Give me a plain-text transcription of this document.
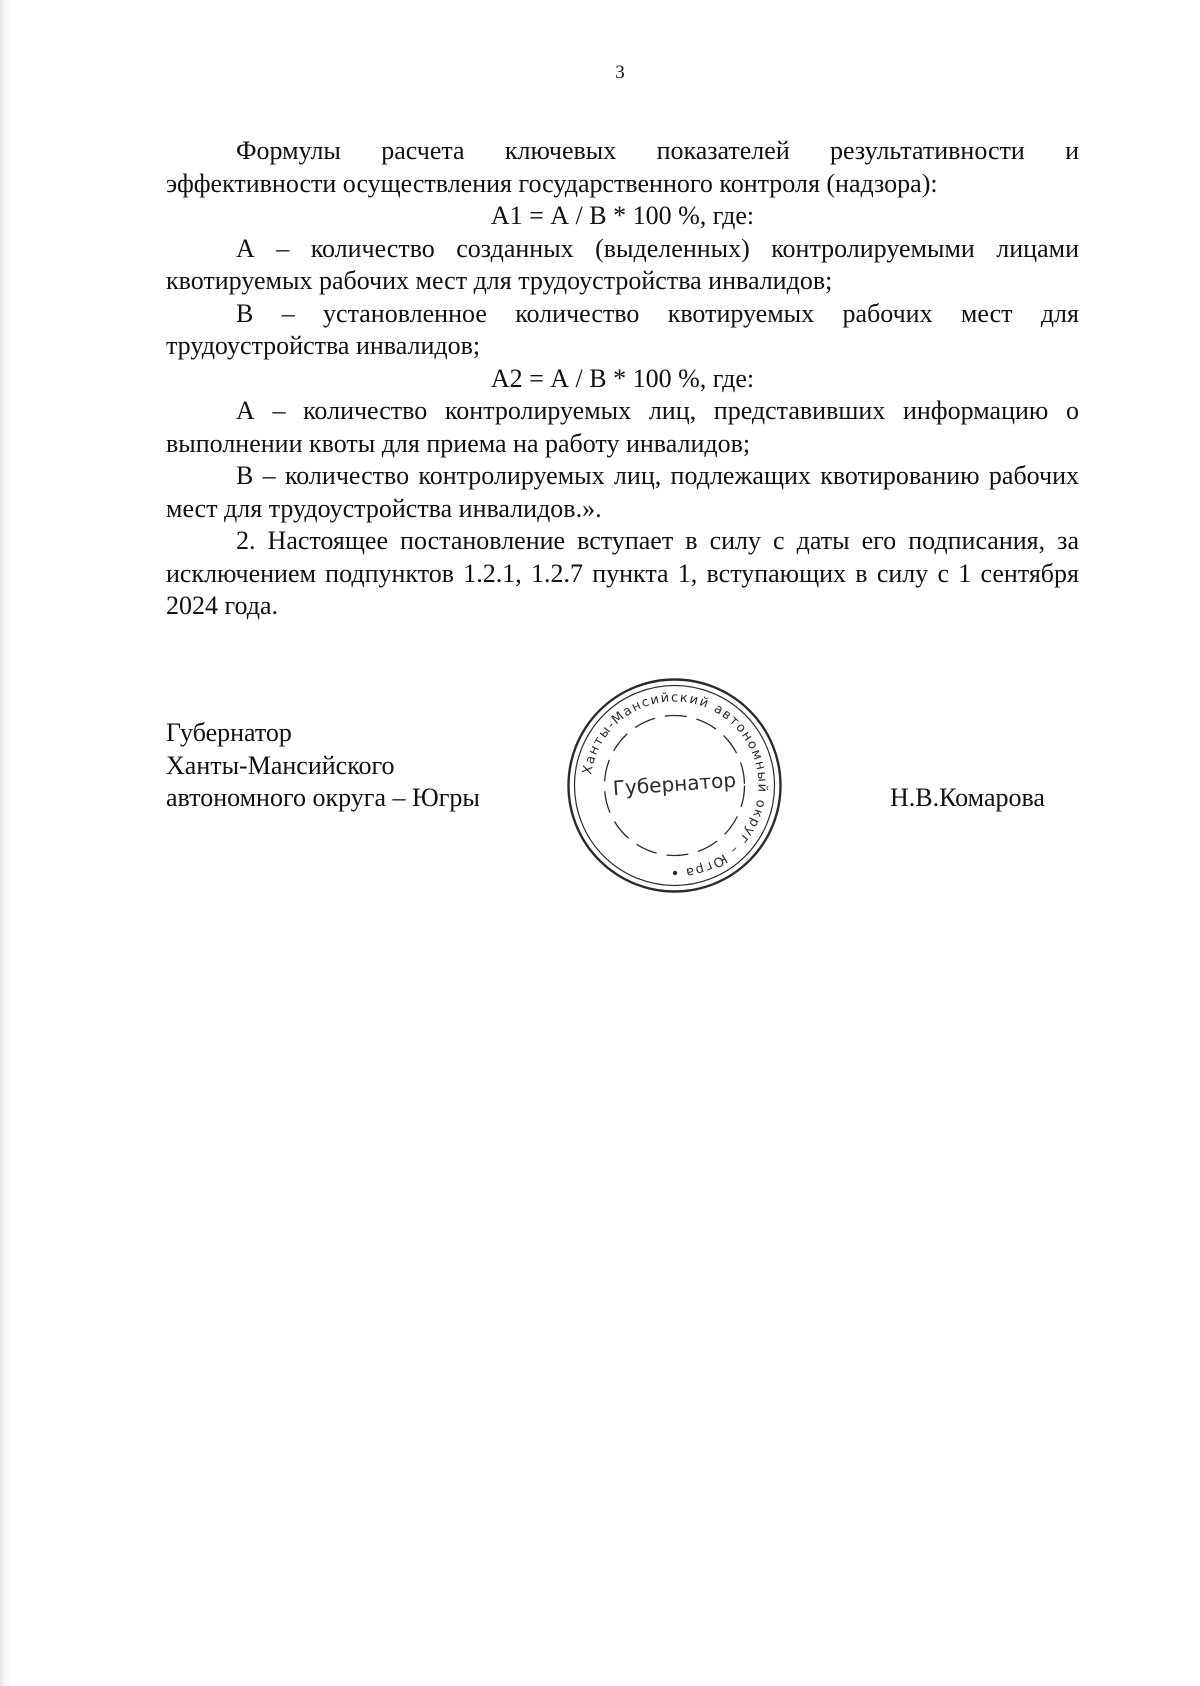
3

Формулы расчета ключевых показателей результативности и эффективности осуществления государственного контроля (надзора):

А1 = А / В * 100 %, где:

А – количество созданных (выделенных) контролируемыми лицами квотируемых рабочих мест для трудоустройства инвалидов;

В – установленное количество квотируемых рабочих мест для трудоустройства инвалидов;

А2 = А / В * 100 %, где:

А – количество контролируемых лиц, представивших информацию о выполнении квоты для приема на работу инвалидов;

В – количество контролируемых лиц, подлежащих квотированию рабочих мест для трудоустройства инвалидов.».

2. Настоящее постановление вступает в силу с даты его подписания, за исключением подпунктов 1.2.1, 1.2.7 пункта 1, вступающих в силу с 1 сентября 2024 года.

Губернатор
Ханты-Мансийского
автономного округа – Югры
Ханты-Мансийский автономный округ – Югра
Губернатор	Н.В.Комарова
